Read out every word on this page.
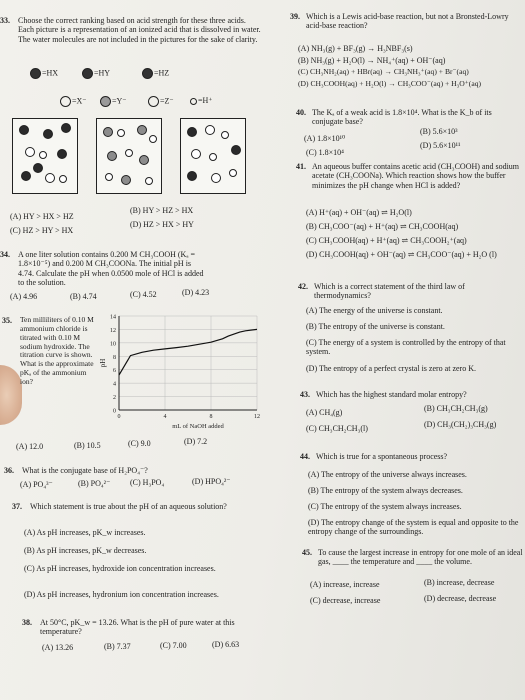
33. Choose the correct ranking based on acid strength for these three acids. Each picture is a representation of an ionized acid that is dissolved in water. The water molecules are not included in the pictures for the sake of clarity.
=HX	=HY	=HZ
=X⁻	=Y⁻	=Z⁻	=H⁺
(A) HY > HX > HZ
(B) HY > HZ > HX
(C) HZ > HY > HX
(D) HZ > HX > HY
34. A one liter solution contains 0.200 M CH₃COOH (Kₐ = 1.8×10⁻⁵) and 0.200 M CH₃COONa. The initial pH is 4.74. Calculate the pH when 0.0500 mole of HCl is added to the solution.
(A) 4.96	(B) 4.74	(C) 4.52	(D) 4.23
35. Ten milliliters of 0.10 M ammonium chloride is titrated with 0.10 M sodium hydroxide. The titration curve is shown. What is the approximate pKₐ of the ammonium ion?
0
2
4
6
8
10
12
14
0	4	8	12
pH
mL of NaOH added
(A) 12.0	(B) 10.5	(C) 9.0	(D) 7.2
36. What is the conjugate base of H₂PO₄⁻?
(A) PO₄³⁻	(B) PO₄²⁻ (C) H₃PO₄	(D) HPO₄²⁻
37. Which statement is true about the pH of an aqueous solution?
(A) As pH increases, pK_w increases.
(B) As pH increases, pK_w decreases.
(C) As pH increases, hydroxide ion concentration increases.
(D) As pH increases, hydronium ion concentration increases.
38. At 50°C, pK_w = 13.26. What is the pH of pure water at this temperature?
(A) 13.26	(B) 7.37	(C) 7.00	(D) 6.63
39. Which is a Lewis acid-base reaction, but not a Bronsted-Lowry acid-base reaction?
(A) NH₃(g) + BF₃(g) → H₃NBF₃(s)
(B) NH₃(g) + H₂O(l) → NH₄⁺(aq) + OH⁻(aq)
(C) CH₃NH₂(aq) + HBr(aq) → CH₃NH₃⁺(aq) + Br⁻(aq)
(D) CH₃COOH(aq) + H₂O(l) → CH₃COO⁻(aq) + H₃O⁺(aq)
40. The Kₐ of a weak acid is 1.8×10⁴. What is the K_b of its conjugate base?
(A) 1.8×10¹⁰
(B) 5.6×10³
(C) 1.8×10⁴
(D) 5.6×10¹¹
41. An aqueous buffer contains acetic acid (CH₃COOH) and sodium acetate (CH₃COONa). Which reaction shows how the buffer minimizes the pH change when HCl is added?
(A) H⁺(aq) + OH⁻(aq) ⇌ H₂O(l)
(B) CH₃COO⁻(aq) + H⁺(aq) ⇌ CH₃COOH(aq)
(C) CH₃COOH(aq) + H⁺(aq) ⇌ CH₃COOH₂⁺(aq)
(D) CH₃COOH(aq) + OH⁻(aq) ⇌ CH₃COO⁻(aq) + H₂O (l)
42. Which is a correct statement of the third law of thermodynamics?
(A) The energy of the universe is constant.
(B) The entropy of the universe is constant.
(C) The energy of a system is controlled by the entropy of that system.
(D) The entropy of a perfect crystal is zero at zero K.
43. Which has the highest standard molar entropy?
(A) CH₄(g)	(B) CH₃CH₂CH₃(g)
(C) CH₃CH₂CH₃(l)	(D) CH₃(CH₂)₃CH₃(g)
44. Which is true for a spontaneous process?
(A) The entropy of the universe always increases.
(B) The entropy of the system always decreases.
(C) The entropy of the system always increases.
(D) The entropy change of the system is equal and opposite to the entropy change of the surroundings.
45. To cause the largest increase in entropy for one mole of an ideal gas, ____ the temperature and ____ the volume.
(A) increase, increase	(B) increase, decrease
(C) decrease, increase	(D) decrease, decrease
